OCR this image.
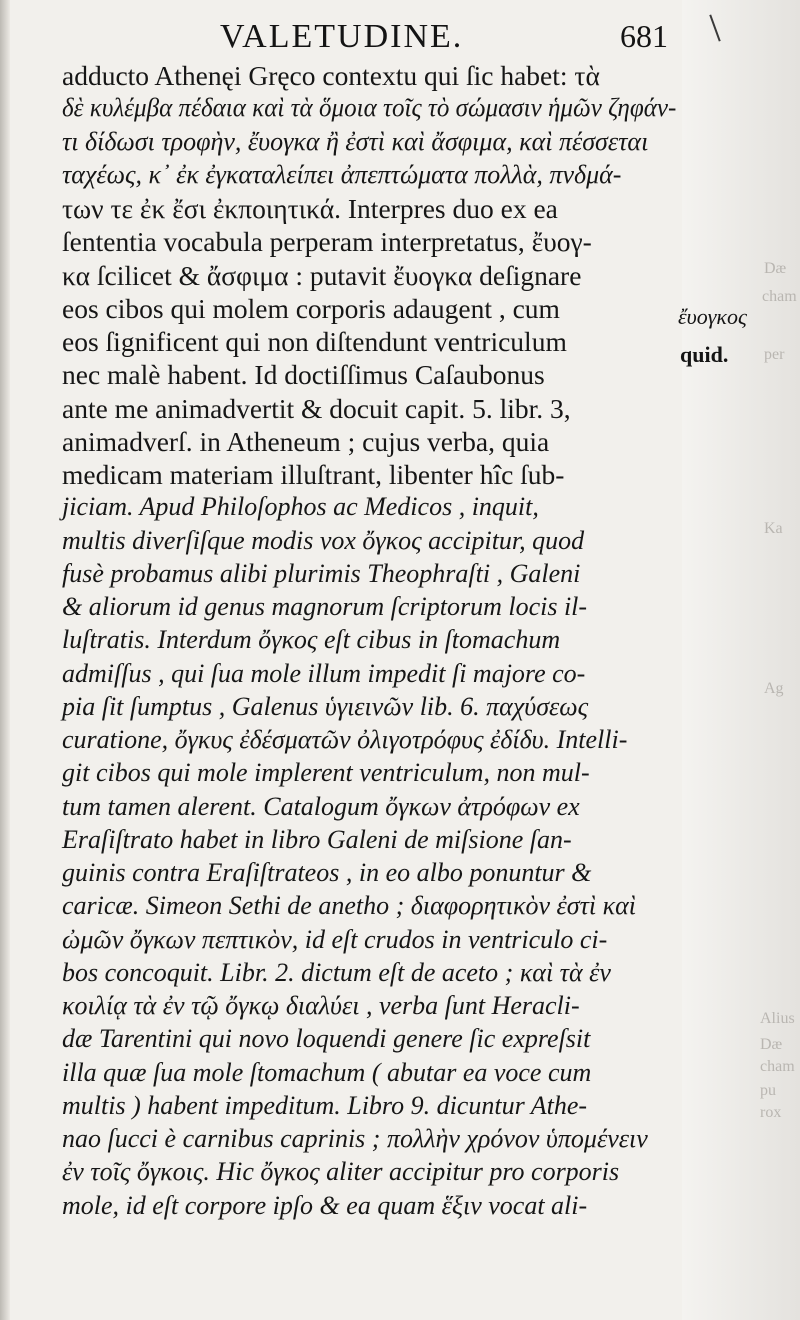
Dæ
cham
per
Ka
Ag
Alius
Dæ
cham
pu
rox
VALETUDINE.	681
adducto Athenęi Gręco contextu qui ſic habet: τὰ
δὲ κυλέμβα πέδαια καὶ τὰ ὅμοια τοῖς τὸ σώμασιν ἡμῶν ζηφάν-
τι δίδωσι τροφὴν, ἔυογκα ἢ ἐστὶ καὶ ἄσφιμα, καὶ πέσσεται
ταχέως, κ᾽ ἐκ ἐγκαταλείπει ἀπεπτώματα πολλὰ, πνδμά-
των τε ἐκ ἔσι ἐκποιητικά. Interpres duo ex ea
ſententia vocabula perperam interpretatus, ἔυογ-
κα ſcilicet & ἄσφιμα : putavit ἔυογκα deſignare
eos cibos qui molem corporis adaugent , cum
eos ſignificent qui non diſtendunt ventriculum
nec malè habent. Id doctiſſimus Caſaubonus
ante me animadvertit & docuit capit. 5. libr. 3,
animadverſ. in Atheneum ; cujus verba, quia
medicam materiam illuſtrant, libenter hîc ſub-
jiciam. Apud Philoſophos ac Medicos , inquit,
multis diverſiſque modis vox ὄγκος accipitur, quod
fusè probamus alibi plurimis Theophraſti , Galeni
& aliorum id genus magnorum ſcriptorum locis il-
luſtratis. Interdum ὄγκος eſt cibus in ſtomachum
admiſſus , qui ſua mole illum impedit ſi majore co-
pia ſit ſumptus , Galenus ὑγιεινῶν lib. 6. παχύσεως
curatione, ὄγκυς ἐδέσματῶν ὀλιγοτρόφυς ἐδίδυ. Intelli-
git cibos qui mole implerent ventriculum, non mul-
tum tamen alerent. Catalogum ὄγκων ἀτρόφων ex
Eraſiſtrato habet in libro Galeni de miſsione ſan-
guinis contra Eraſiſtrateos , in eo albo ponuntur &
caricæ. Simeon Sethi de anetho ; διαφορητικὸν ἐστὶ καὶ
ὠμῶν ὄγκων πεπτικὸν, id eſt crudos in ventriculo ci-
bos concoquit. Libr. 2. dictum eſt de aceto ; καὶ τὰ ἐν
κοιλίᾳ τὰ ἐν τῷ ὄγκῳ διαλύει , verba ſunt Heracli-
dæ Tarentini qui novo loquendi genere ſic expreſsit
illa quæ ſua mole ſtomachum ( abutar ea voce cum
multis ) habent impeditum. Libro 9. dicuntur Athe-
nao ſucci è carnibus caprinis ; πολλὴν χρόνον ὑπομένειν
ἐν τοῖς ὄγκοις. Hic ὄγκος aliter accipitur pro corporis
mole, id eſt corpore ipſo & ea quam ἕξιν vocat ali-
ἔυογκος
quid.
